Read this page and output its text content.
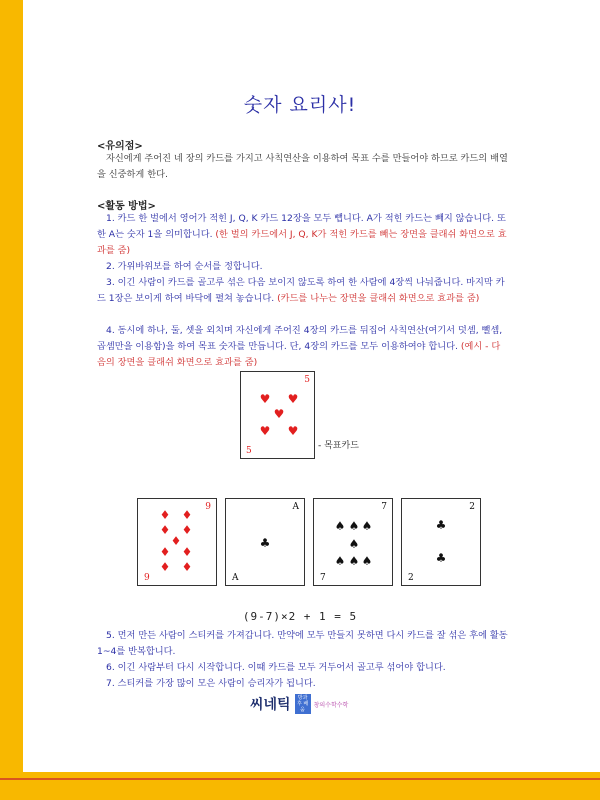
숫자 요리사!
<유의점>
자신에게 주어진 네 장의 카드를 가지고 사칙연산을 이용하여 목표 수를 만들어야 하므로 카드의 배열을 신중하게 한다.
<활동 방법>
1. 카드 한 벌에서 영어가 적힌 J, Q, K 카드 12장을 모두 뺍니다. A가 적힌 카드는 빼지 않습니다. 또한 A는 숫자 1을 의미합니다. (한 벌의 카드에서 J, Q, K가 적힌 카드를 빼는 장면을 클래쉬 화면으로 효과를 줌)
2. 가위바위보를 하여 순서를 정합니다.
3. 이긴 사람이 카드를 골고루 섞은 다음 보이지 않도록 하여 한 사람에 4장씩 나눠줍니다. 마지막 카드 1장은 보이게 하여 바닥에 펼쳐 놓습니다. (카드를 나누는 장면을 클래쉬 화면으로 효과를 줌)
4. 동시에 하나, 둘, 셋을 외치며 자신에게 주어진 4장의 카드를 뒤집어 사칙연산(여기서 덧셈, 뺄셈, 곱셈만을 이용함)을 하여 목표 숫자를 만듭니다. 단, 4장의 카드를 모두 이용하여야 합니다. (예시 - 다음의 장면을 클래쉬 화면으로 효과를 줌)
5
5
♥ ♥
♥
♥ ♥
- 목표카드
9
9
♦ ♦
♦ ♦
♦
♦ ♦
♦ ♦
A
A
♣
7
7
♠ ♠ ♠
♠
♠ ♠ ♠
2
2
♣
♣
(9-7)×2 + 1 = 5
5. 먼저 만든 사람이 스티커를 가져갑니다. 만약에 모두 만들지 못하면 다시 카드를 잘 섞은 후에 활동1~4를 반복합니다.
6. 이긴 사람부터 다시 시작합니다. 이때 카드를 모두 거두어서 골고루 섞어야 합니다.
7. 스티커를 가장 많이 모은 사람이 승리자가 됩니다.
씨네틱	방과후 배움
창의수학수학
